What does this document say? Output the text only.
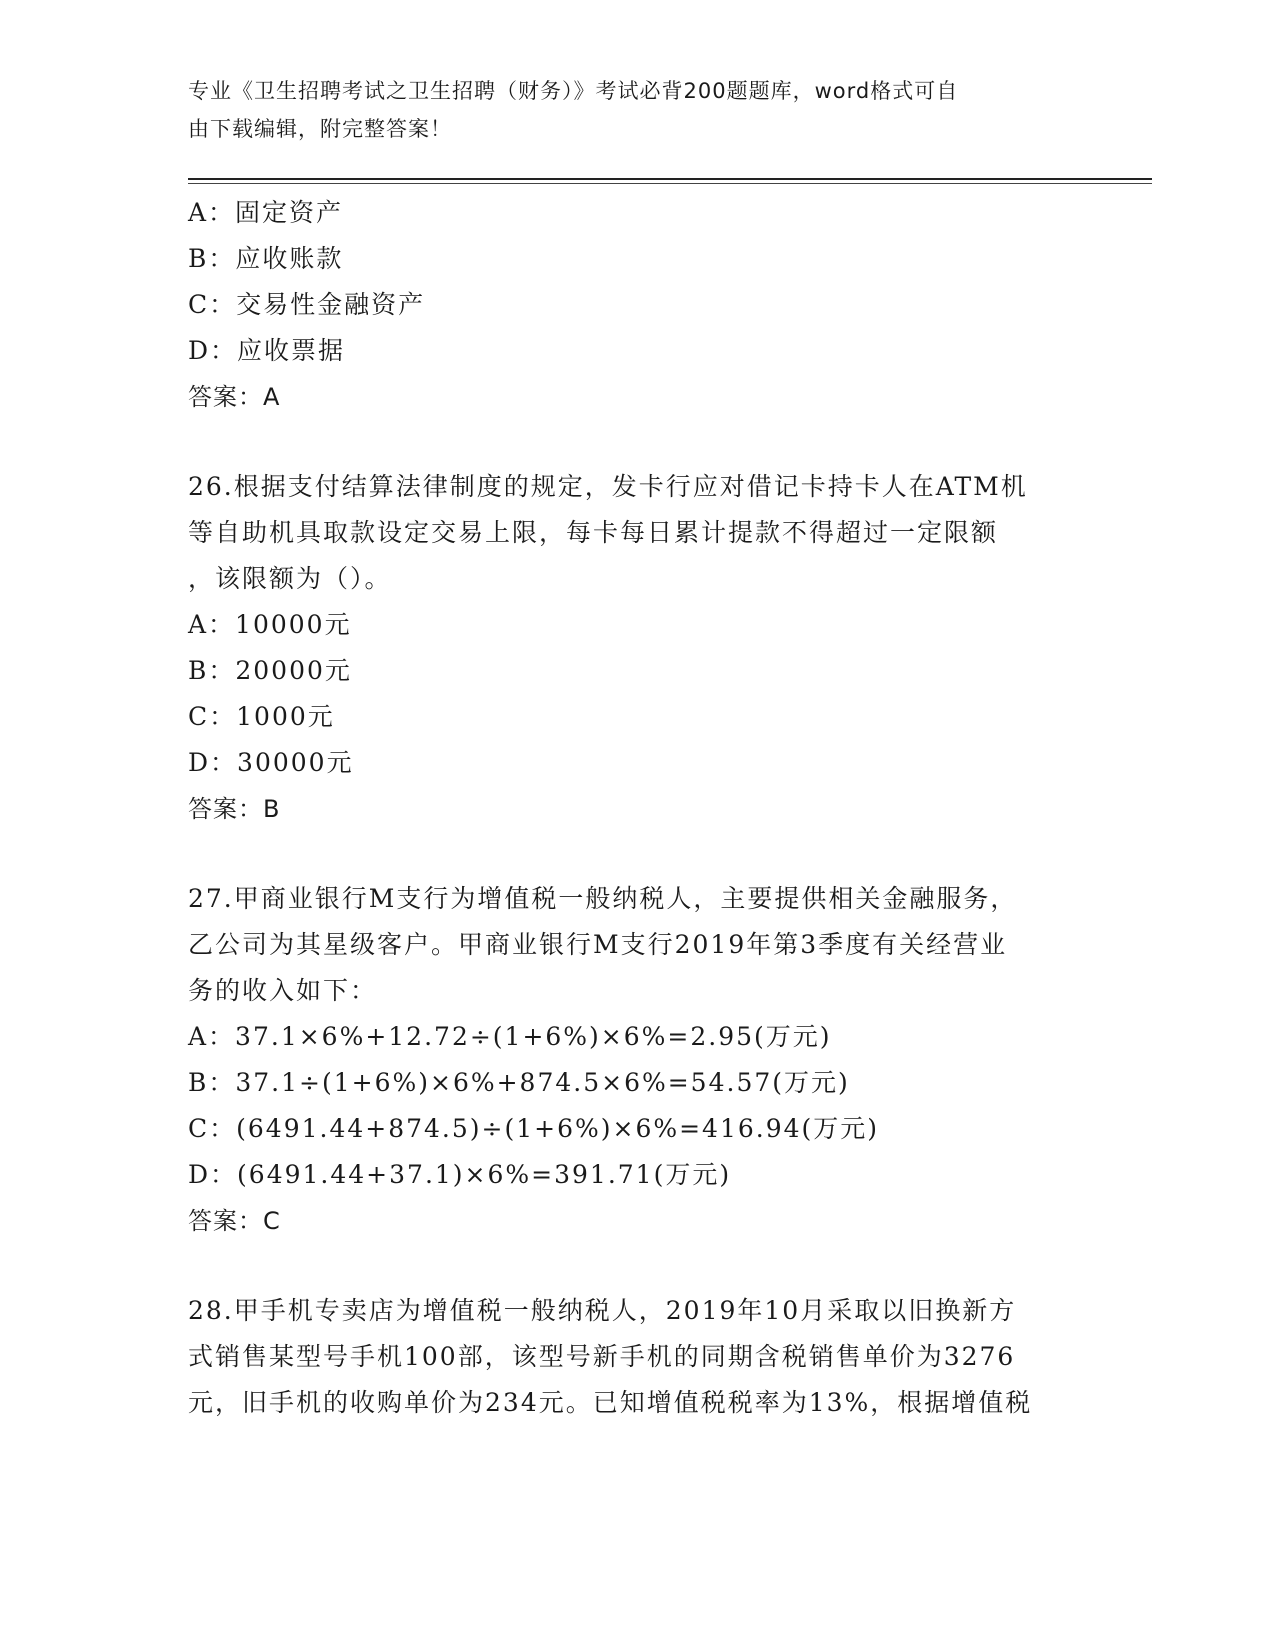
专业《卫生招聘考试之卫生招聘（财务）》考试必背200题题库，word格式可自
由下载编辑，附完整答案！
A：固定资产
B：应收账款
C：交易性金融资产
D：应收票据
答案：A
26.根据支付结算法律制度的规定，发卡行应对借记卡持卡人在ATM机
等自助机具取款设定交易上限，每卡每日累计提款不得超过一定限额
，该限额为（）。
A：10000元
B：20000元
C：1000元
D：30000元
答案：B
27.甲商业银行M支行为增值税一般纳税人，主要提供相关金融服务，
乙公司为其星级客户。甲商业银行M支行2019年第3季度有关经营业
务的收入如下：
A：37.1×6%+12.72÷(1+6%)×6%=2.95(万元)
B：37.1÷(1+6%)×6%+874.5×6%=54.57(万元)
C：(6491.44+874.5)÷(1+6%)×6%=416.94(万元)
D：(6491.44+37.1)×6%=391.71(万元)
答案：C
28.甲手机专卖店为增值税一般纳税人，2019年10月采取以旧换新方
式销售某型号手机100部，该型号新手机的同期含税销售单价为3276
元，旧手机的收购单价为234元。已知增值税税率为13%，根据增值税
